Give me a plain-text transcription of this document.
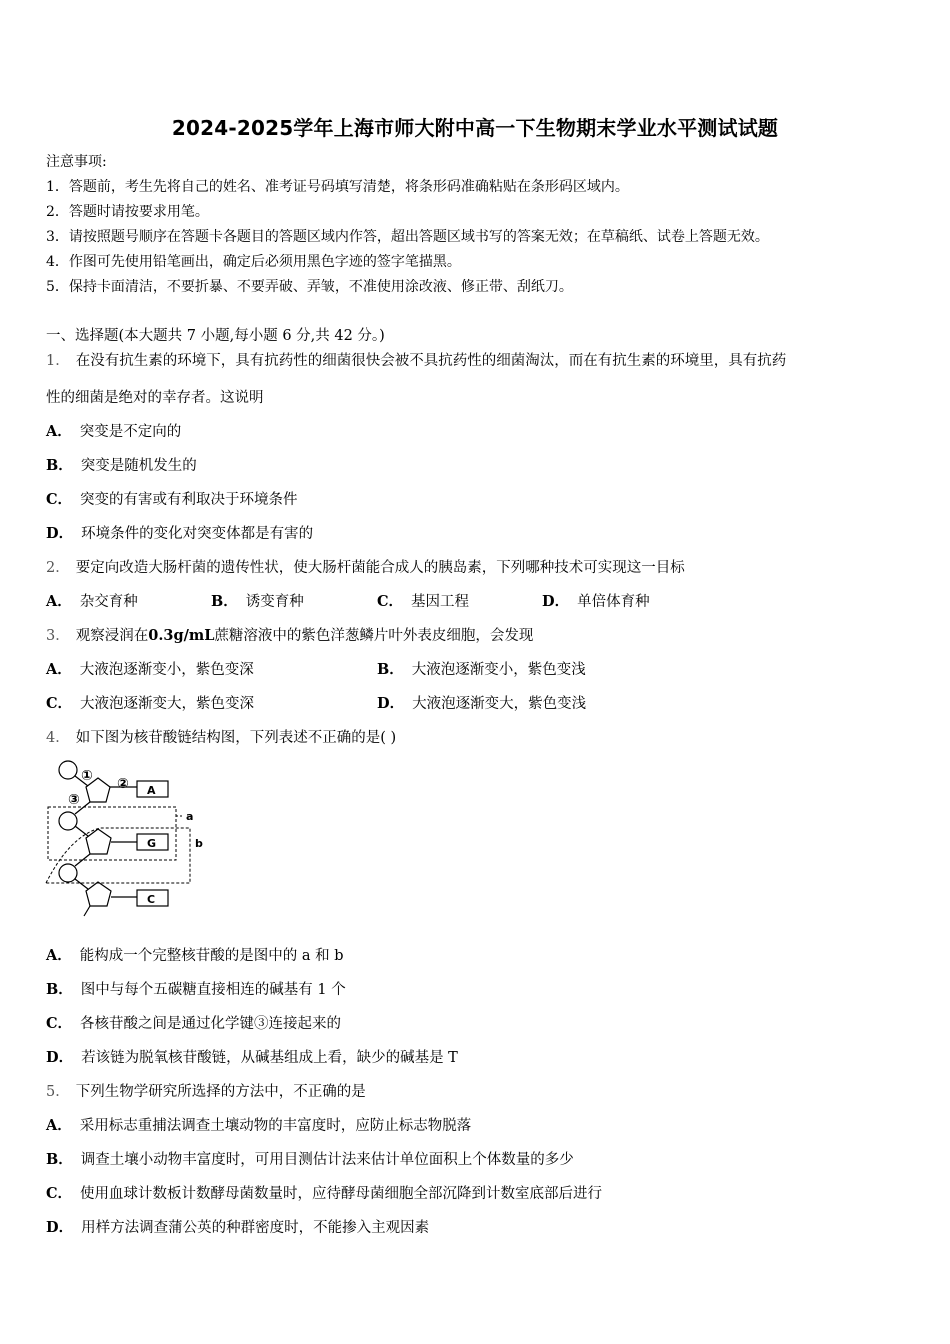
2024-2025学年上海市师大附中高一下生物期末学业水平测试试题
注意事项:
1．答题前，考生先将自己的姓名、准考证号码填写清楚，将条形码准确粘贴在条形码区域内。
2．答题时请按要求用笔。
3．请按照题号顺序在答题卡各题目的答题区域内作答，超出答题区域书写的答案无效；在草稿纸、试卷上答题无效。
4．作图可先使用铅笔画出，确定后必须用黑色字迹的签字笔描黑。
5．保持卡面清洁，不要折暴、不要弄破、弄皱，不准使用涂改液、修正带、刮纸刀。
一、选择题(本大题共 7 小题,每小题 6 分,共 42 分。)
1． 在没有抗生素的环境下，具有抗药性的细菌很快会被不具抗药性的细菌淘汰，而在有抗生素的环境里，具有抗药
性的细菌是绝对的幸存者。这说明
A． 突变是不定向的
B． 突变是随机发生的
C． 突变的有害或有利取决于环境条件
D． 环境条件的变化对突变体都是有害的
2． 要定向改造大肠杆菌的遗传性状，使大肠杆菌能合成人的胰岛素，下列哪种技术可实现这一目标
A． 杂交育种	B． 诱变育种	C． 基因工程	D． 单倍体育种
3． 观察浸润在0.3g/mL蔗糖溶液中的紫色洋葱鳞片叶外表皮细胞，会发现
A． 大液泡逐渐变小，紫色变深	B． 大液泡逐渐变小，紫色变浅
C． 大液泡逐渐变大，紫色变深	D． 大液泡逐渐变大，紫色变浅
4． 如下图为核苷酸链结构图，下列表述不正确的是( )
① ②
③
A
G
C
a
b
A． 能构成一个完整核苷酸的是图中的 a 和 b
B． 图中与每个五碳糖直接相连的碱基有 1 个
C． 各核苷酸之间是通过化学键③连接起来的
D． 若该链为脱氧核苷酸链，从碱基组成上看，缺少的碱基是 T
5． 下列生物学研究所选择的方法中，不正确的是
A． 采用标志重捕法调查土壤动物的丰富度时，应防止标志物脱落
B． 调查土壤小动物丰富度时，可用目测估计法来估计单位面积上个体数量的多少
C． 使用血球计数板计数酵母菌数量时，应待酵母菌细胞全部沉降到计数室底部后进行
D． 用样方法调查蒲公英的种群密度时，不能掺入主观因素
